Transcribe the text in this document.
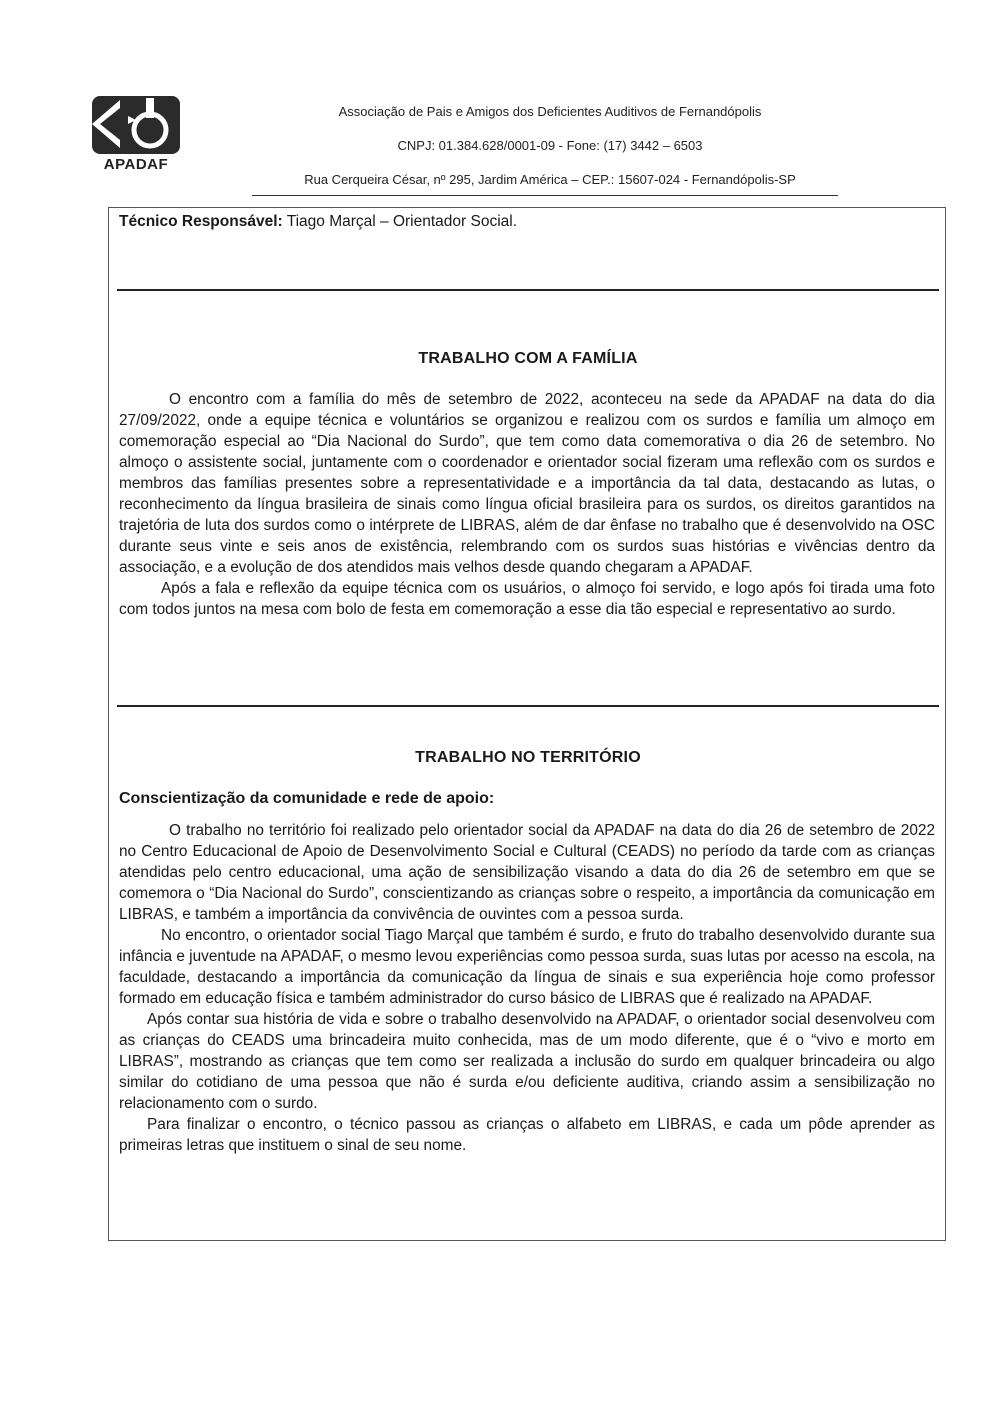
APADAF
Associação de Pais e Amigos dos Deficientes Auditivos de Fernandópolis
CNPJ: 01.384.628/0001-09 - Fone: (17) 3442 – 6503
Rua Cerqueira César, nº 295, Jardim América – CEP.: 15607-024 - Fernandópolis-SP
Técnico Responsável: Tiago Marçal – Orientador Social.
TRABALHO COM A FAMÍLIA

O encontro com a família do mês de setembro de 2022, aconteceu na sede da APADAF na data do dia 27/09/2022, onde a equipe técnica e voluntários se organizou e realizou com os surdos e família um almoço em comemoração especial ao “Dia Nacional do Surdo”, que tem como data comemorativa o dia 26 de setembro. No almoço o assistente social, juntamente com o coordenador e orientador social fizeram uma reflexão com os surdos e membros das famílias presentes sobre a representatividade e a importância da tal data, destacando as lutas, o reconhecimento da língua brasileira de sinais como língua oficial brasileira para os surdos, os direitos garantidos na trajetória de luta dos surdos como o intérprete de LIBRAS, além de dar ênfase no trabalho que é desenvolvido na OSC durante seus vinte e seis anos de existência, relembrando com os surdos suas histórias e vivências dentro da associação, e a evolução de dos atendidos mais velhos desde quando chegaram a APADAF.

Após a fala e reflexão da equipe técnica com os usuários, o almoço foi servido, e logo após foi tirada uma foto com todos juntos na mesa com bolo de festa em comemoração a esse dia tão especial e representativo ao surdo.

TRABALHO NO TERRITÓRIO
Conscientização da comunidade e rede de apoio:

O trabalho no território foi realizado pelo orientador social da APADAF na data do dia 26 de setembro de 2022 no Centro Educacional de Apoio de Desenvolvimento Social e Cultural (CEADS) no período da tarde com as crianças atendidas pelo centro educacional, uma ação de sensibilização visando a data do dia 26 de setembro em que se comemora o “Dia Nacional do Surdo”, conscientizando as crianças sobre o respeito, a importância da comunicação em LIBRAS, e também a importância da convivência de ouvintes com a pessoa surda.

No encontro, o orientador social Tiago Marçal que também é surdo, e fruto do trabalho desenvolvido durante sua infância e juventude na APADAF, o mesmo levou experiências como pessoa surda, suas lutas por acesso na escola, na faculdade, destacando a importância da comunicação da língua de sinais e sua experiência hoje como professor formado em educação física e também administrador do curso básico de LIBRAS que é realizado na APADAF.

Após contar sua história de vida e sobre o trabalho desenvolvido na APADAF, o orientador social desenvolveu com as crianças do CEADS uma brincadeira muito conhecida, mas de um modo diferente, que é o “vivo e morto em LIBRAS”, mostrando as crianças que tem como ser realizada a inclusão do surdo em qualquer brincadeira ou algo similar do cotidiano de uma pessoa que não é surda e/ou deficiente auditiva, criando assim a sensibilização no relacionamento com o surdo.

Para finalizar o encontro, o técnico passou as crianças o alfabeto em LIBRAS, e cada um pôde aprender as primeiras letras que instituem o sinal de seu nome.
